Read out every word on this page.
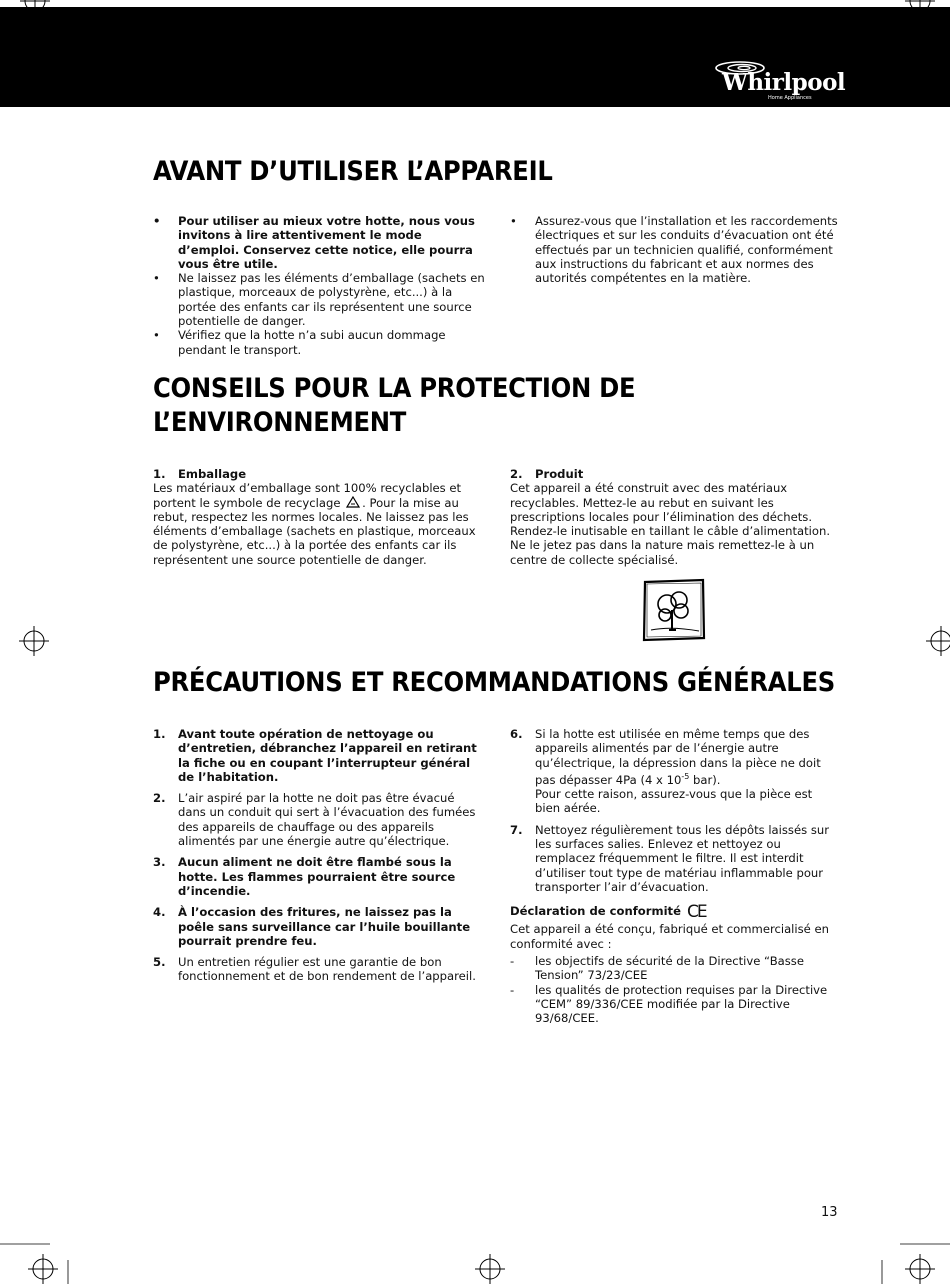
Whirlpool
Home Appliances
AVANT D’UTILISER L’APPAREIL
• Pour utiliser au mieux votre hotte, nous vous invitons à lire attentivement le mode d’emploi. Conservez cette notice, elle pourra vous être utile.
• Ne laissez pas les éléments d’emballage (sachets en plastique, morceaux de polystyrène, etc...) à la portée des enfants car ils représentent une source potentielle de danger.
• Vérifiez que la hotte n’a subi aucun dommage pendant le transport.
• Assurez-vous que l’installation et les raccordements électriques et sur les conduits d’évacuation ont été effectués par un technicien qualifié, conformément aux instructions du fabricant et aux normes des autorités compétentes en la matière.
CONSEILS POUR LA PROTECTION DE
L’ENVIRONNEMENT
1. Emballage

Les matériaux d’emballage sont 100% recyclables et portent le symbole de recyclage . Pour la mise au rebut, respectez les normes locales. Ne laissez pas les éléments d’emballage (sachets en plastique, morceaux de polystyrène, etc...) à la portée des enfants car ils représentent une source potentielle de danger.

2. Produit

Cet appareil a été construit avec des matériaux recyclables. Mettez-le au rebut en suivant les prescriptions locales pour l’élimination des déchets. Rendez-le inutisable en taillant le câble d’alimentation. Ne le jetez pas dans la nature mais remettez-le à un centre de collecte spécialisé.

PRÉCAUTIONS ET RECOMMANDATIONS GÉNÉRALES
1. Avant toute opération de nettoyage ou d’entretien, débranchez l’appareil en retirant la fiche ou en coupant l’interrupteur général de l’habitation.
2. L’air aspiré par la hotte ne doit pas être évacué dans un conduit qui sert à l’évacuation des fumées des appareils de chauffage ou des appareils alimentés par une énergie autre qu’électrique.
3. Aucun aliment ne doit être flambé sous la hotte. Les flammes pourraient être source d’incendie.
4. À l’occasion des fritures, ne laissez pas la poêle sans surveillance car l’huile bouillante pourrait prendre feu.
5. Un entretien régulier est une garantie de bon fonctionnement et de bon rendement de l’appareil.
6. Si la hotte est utilisée en même temps que des appareils alimentés par de l’énergie autre qu’électrique, la dépression dans la pièce ne doit pas dépasser 4Pa (4 x $10^{-5}$ bar).
Pour cette raison, assurez-vous que la pièce est bien aérée.
7. Nettoyez régulièrement tous les dépôts laissés sur les surfaces salies. Enlevez et nettoyez ou remplacez fréquemment le filtre. Il est interdit d’utiliser tout type de matériau inflammable pour transporter l’air d’évacuation.
Déclaration de conformité CE

Cet appareil a été conçu, fabriqué et commercialisé en conformité avec :

- les objectifs de sécurité de la Directive “Basse Tension” 73/23/CEE
- les qualités de protection requises par la Directive “CEM” 89/336/CEE modifiée par la Directive 93/68/CEE.
13
